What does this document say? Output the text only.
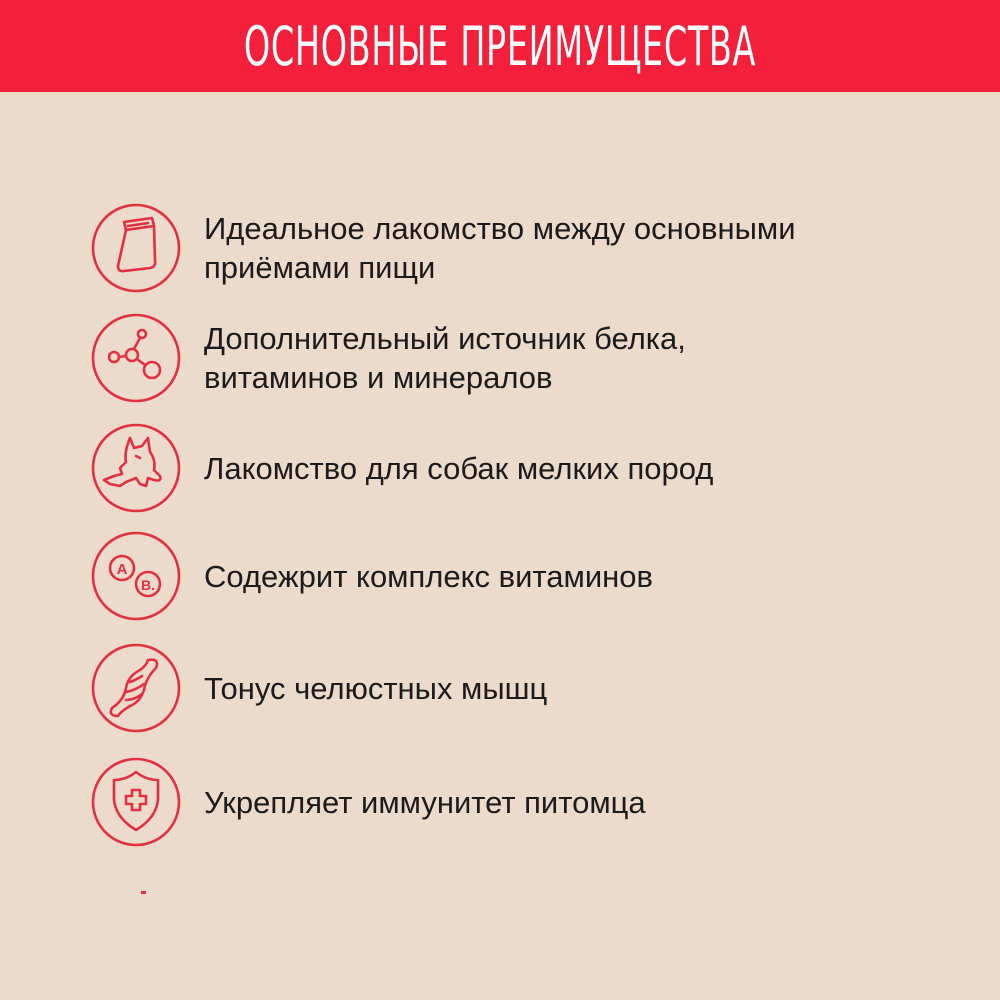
ОСНОВНЫЕ ПРЕИМУЩЕСТВА
Идеальное лакомство между основными
приёмами пищи
Дополнительный источник белка,
витаминов и минералов
Лакомство для собак мелких пород
A
B. Содежрит комплекс витаминов
Тонус челюстных мышц
Укрепляет иммунитет питомца
